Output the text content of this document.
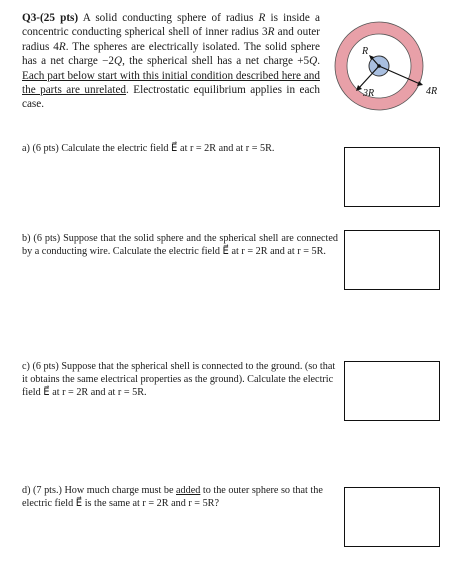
Q3-(25 pts) A solid conducting sphere of radius R is inside a concentric conducting spherical shell of inner radius 3R and outer radius 4R. The spheres are electrically isolated. The solid sphere has a net charge −2Q, the spherical shell has a net charge +5Q. Each part below start with this initial condition described here and the parts are unrelated. Electrostatic equilibrium applies in each case.
R
3R	4R
a) (6 pts) Calculate the electric field E⃗ at r = 2R and at r = 5R.
b) (6 pts) Suppose that the solid sphere and the spherical shell are connected by a conducting wire. Calculate the electric field E⃗ at r = 2R and at r = 5R.
c) (6 pts) Suppose that the spherical shell is connected to the ground. (so that it obtains the same electrical properties as the ground). Calculate the electric field E⃗ at r = 2R and at r = 5R.
d) (7 pts.) How much charge must be added to the outer sphere so that the electric field E⃗ is the same at r = 2R and r = 5R?
